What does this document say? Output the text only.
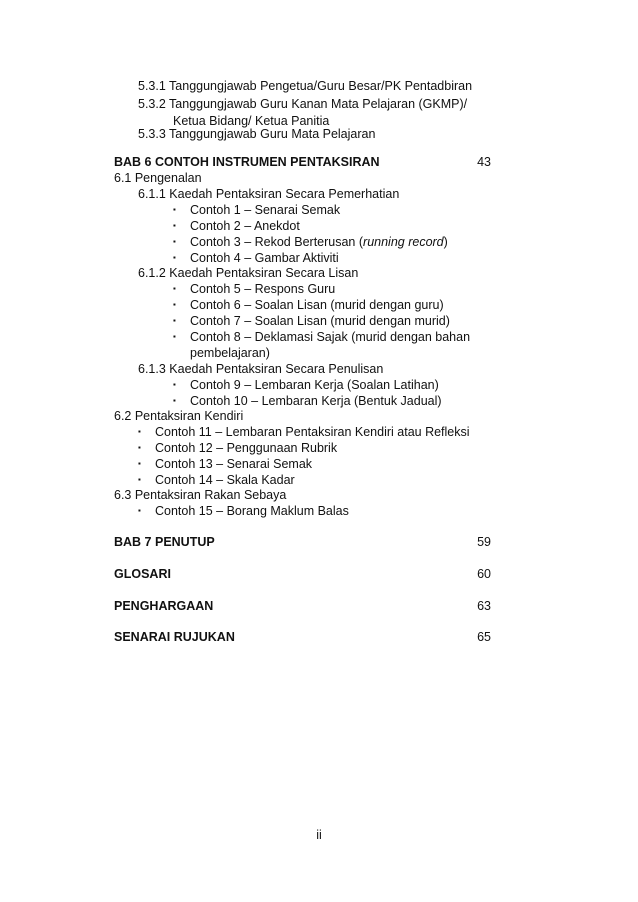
5.3.1 Tanggungjawab Pengetua/Guru Besar/PK Pentadbiran
5.3.2 Tanggungjawab Guru Kanan Mata Pelajaran (GKMP)/
Ketua Bidang/ Ketua Panitia
5.3.3 Tanggungjawab Guru Mata Pelajaran
BAB 6 CONTOH INSTRUMEN PENTAKSIRAN	43
6.1 Pengenalan
6.1.1 Kaedah Pentaksiran Secara Pemerhatian
▪ Contoh 1 – Senarai Semak
▪ Contoh 2 – Anekdot
▪ Contoh 3 – Rekod Berterusan (running record)
▪ Contoh 4 – Gambar Aktiviti
6.1.2 Kaedah Pentaksiran Secara Lisan
▪ Contoh 5 – Respons Guru
▪ Contoh 6 – Soalan Lisan (murid dengan guru)
▪ Contoh 7 – Soalan Lisan (murid dengan murid)
▪ Contoh 8 – Deklamasi Sajak (murid dengan bahan
pembelajaran)
6.1.3 Kaedah Pentaksiran Secara Penulisan
▪ Contoh 9 – Lembaran Kerja (Soalan Latihan)
▪ Contoh 10 – Lembaran Kerja (Bentuk Jadual)
6.2 Pentaksiran Kendiri
▪ Contoh 11 – Lembaran Pentaksiran Kendiri atau Refleksi
▪ Contoh 12 – Penggunaan Rubrik
▪ Contoh 13 – Senarai Semak
▪ Contoh 14 – Skala Kadar
6.3 Pentaksiran Rakan Sebaya
▪ Contoh 15 – Borang Maklum Balas
BAB 7 PENUTUP	59
GLOSARI	60
PENGHARGAAN	63
SENARAI RUJUKAN	65
ii
